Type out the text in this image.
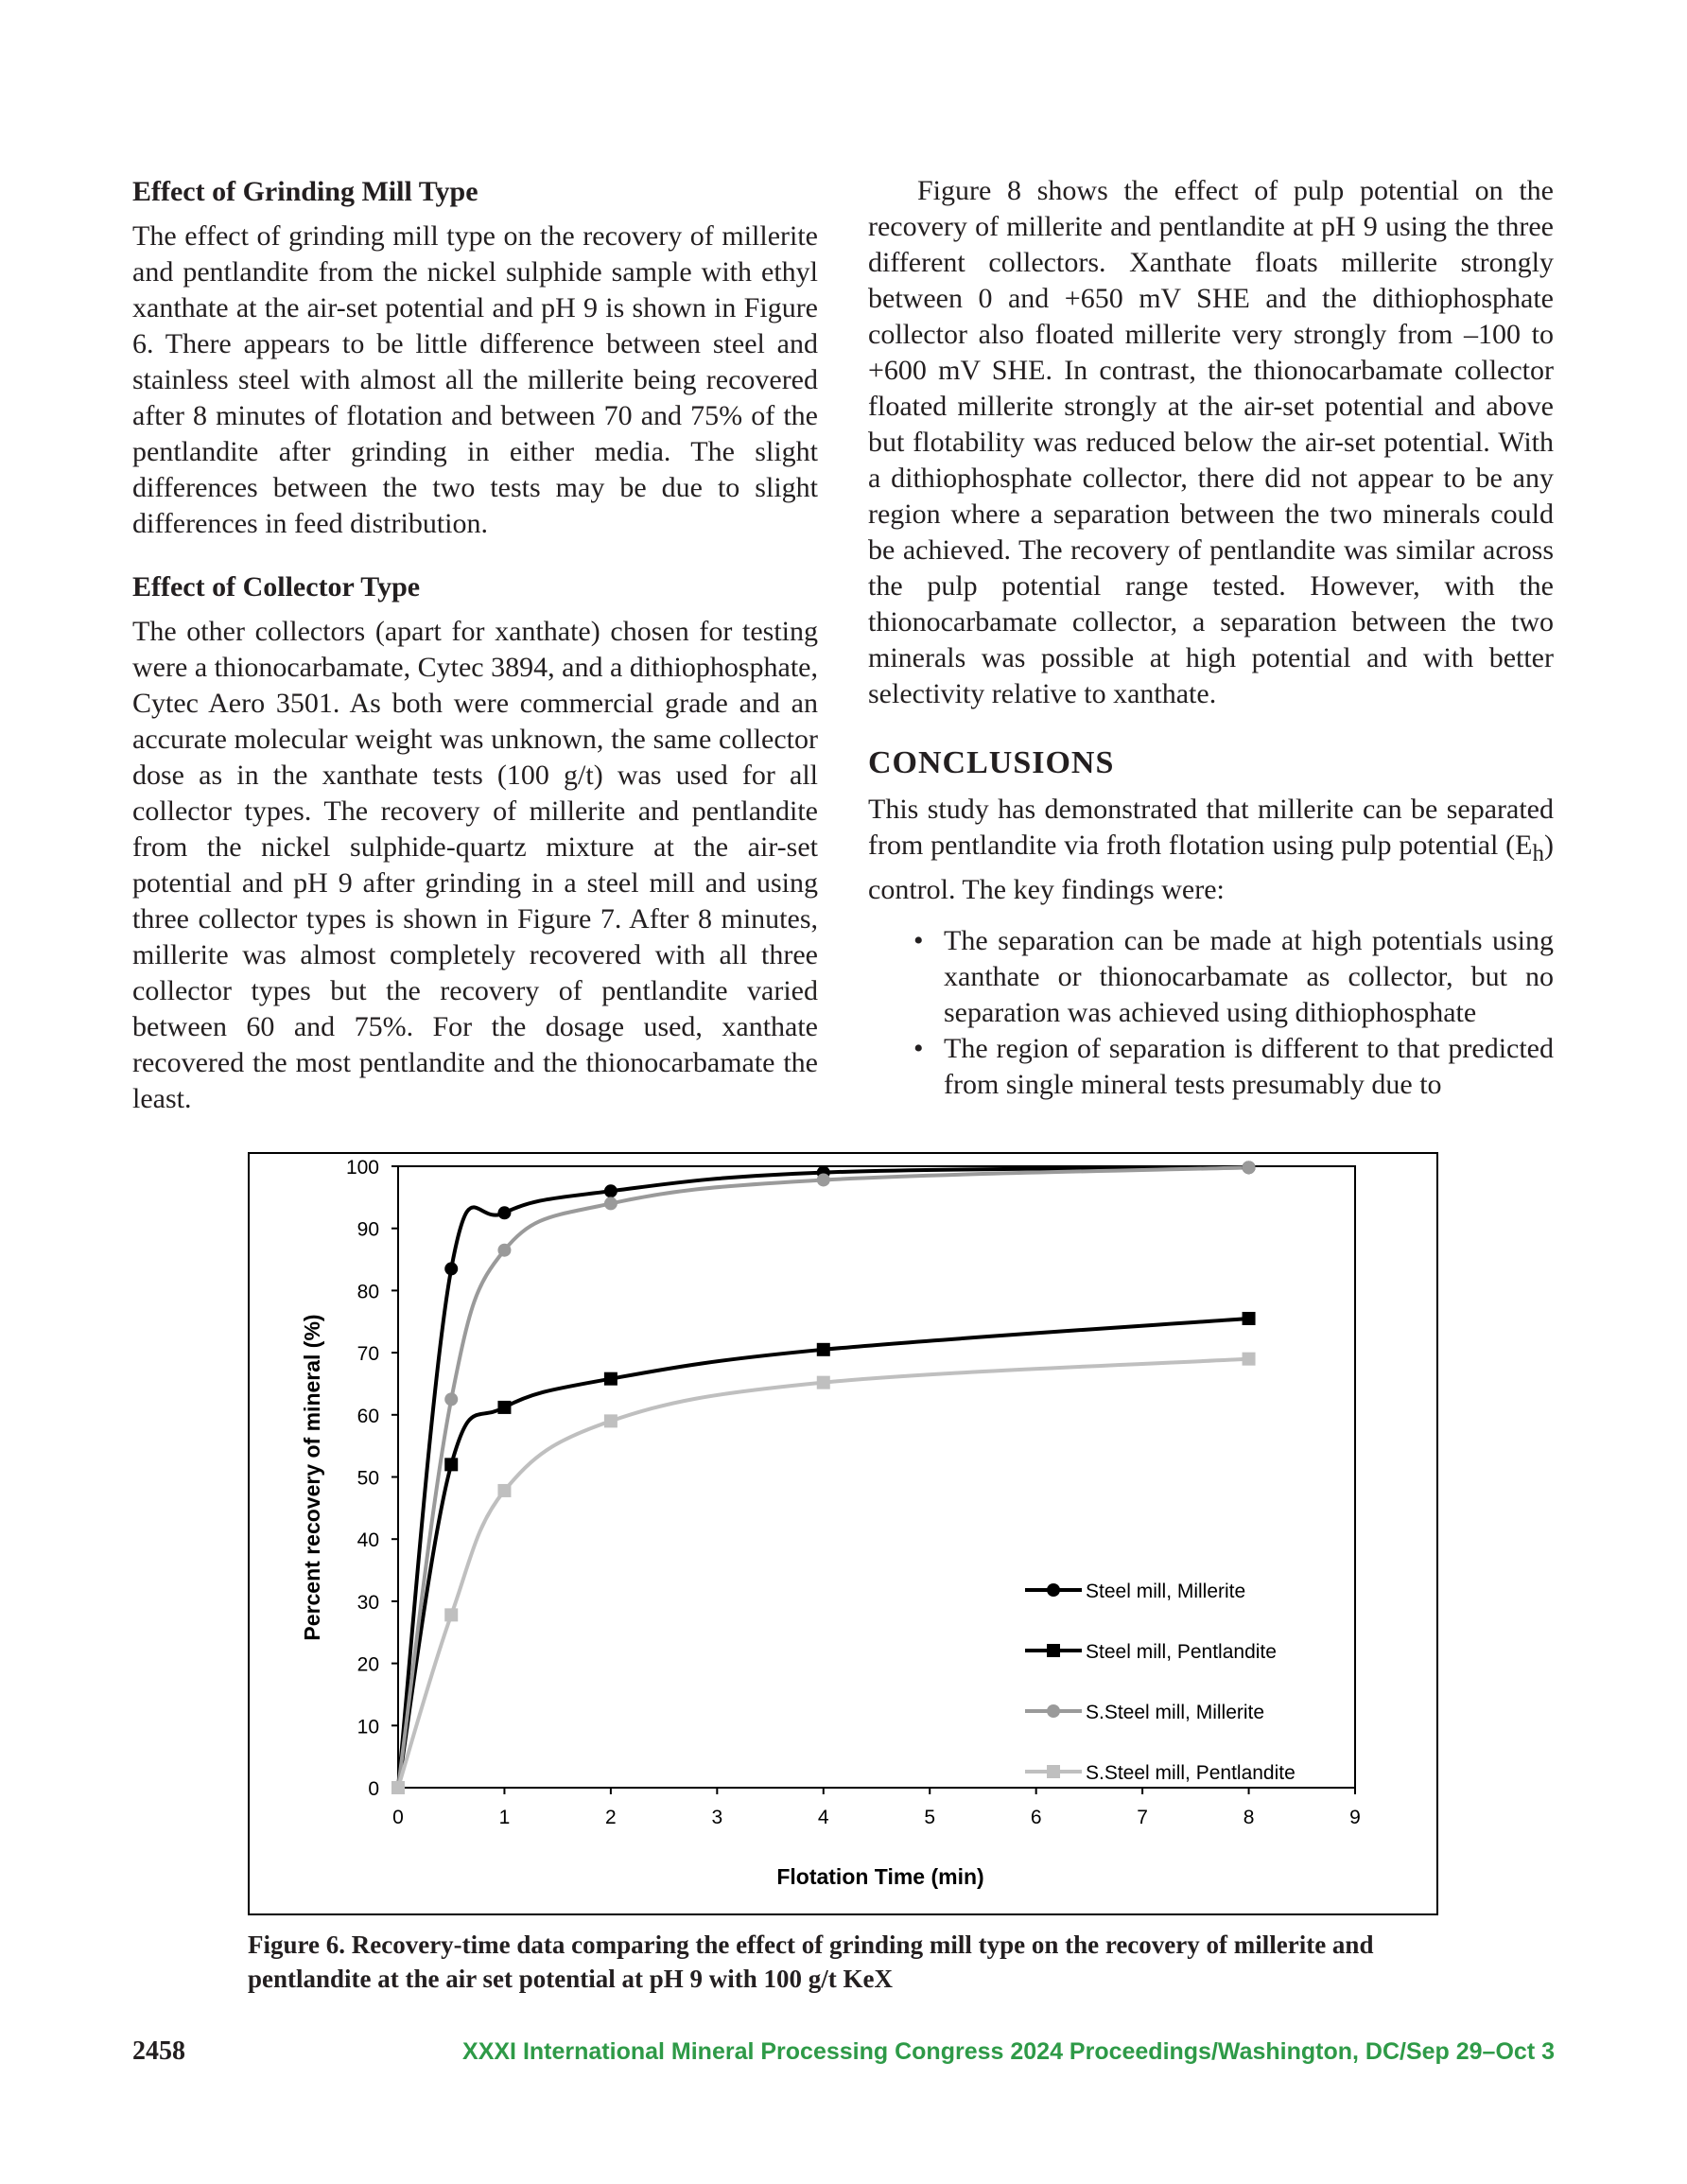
Effect of Grinding Mill Type

The effect of grinding mill type on the recovery of millerite and pentlandite from the nickel sulphide sample with ethyl xanthate at the air-set potential and pH 9 is shown in Figure 6. There appears to be little difference between steel and stainless steel with almost all the millerite being recovered after 8 minutes of flotation and between 70 and 75% of the pentlandite after grinding in either media. The slight differences between the two tests may be due to slight differences in feed distribution.

Effect of Collector Type

The other collectors (apart for xanthate) chosen for testing were a thionocarbamate, Cytec 3894, and a dithiophosphate, Cytec Aero 3501. As both were commercial grade and an accurate molecular weight was unknown, the same collector dose as in the xanthate tests (100 g/t) was used for all collector types. The recovery of millerite and pentlandite from the nickel sulphide-quartz mixture at the air-set potential and pH 9 after grinding in a steel mill and using three collector types is shown in Figure 7. After 8 minutes, millerite was almost completely recovered with all three collector types but the recovery of pentlandite varied between 60 and 75%. For the dosage used, xanthate recovered the most pentlandite and the thionocarbamate the least.

Figure 8 shows the effect of pulp potential on the recovery of millerite and pentlandite at pH 9 using the three different collectors. Xanthate floats millerite strongly between 0 and +650 mV SHE and the dithiophosphate collector also floated millerite very strongly from –100 to +600 mV SHE. In contrast, the thionocarbamate collector floated millerite strongly at the air-set potential and above but flotability was reduced below the air-set potential. With a dithiophosphate collector, there did not appear to be any region where a separation between the two minerals could be achieved. The recovery of pentlandite was similar across the pulp potential range tested. However, with the thionocarbamate collector, a separation between the two minerals was possible at high potential and with better selectivity relative to xanthate.

CONCLUSIONS

This study has demonstrated that millerite can be separated from pentlandite via froth flotation using pulp potential $(E_h)$ control. The key findings were:

• The separation can be made at high potentials using xanthate or thionocarbamate as collector, but no separation was achieved using dithiophosphate
• The region of separation is different to that predicted from single mineral tests presumably due to
0
10
20
30
40
50
60
70
80
90
100
0	1	2	3	4	5	6	7	8	9
Steel mill, Millerite
Steel mill, Pentlandite
S.Steel mill, Millerite
S.Steel mill, Pentlandite
Flotation Time (min)
Percent recovery of mineral (%)
Figure 6. Recovery-time data comparing the effect of grinding mill type on the recovery of millerite and pentlandite at the air set potential at pH 9 with 100 g/t KeX
2458	XXXI International Mineral Processing Congress 2024 Proceedings/Washington, DC/Sep 29–Oct 3
